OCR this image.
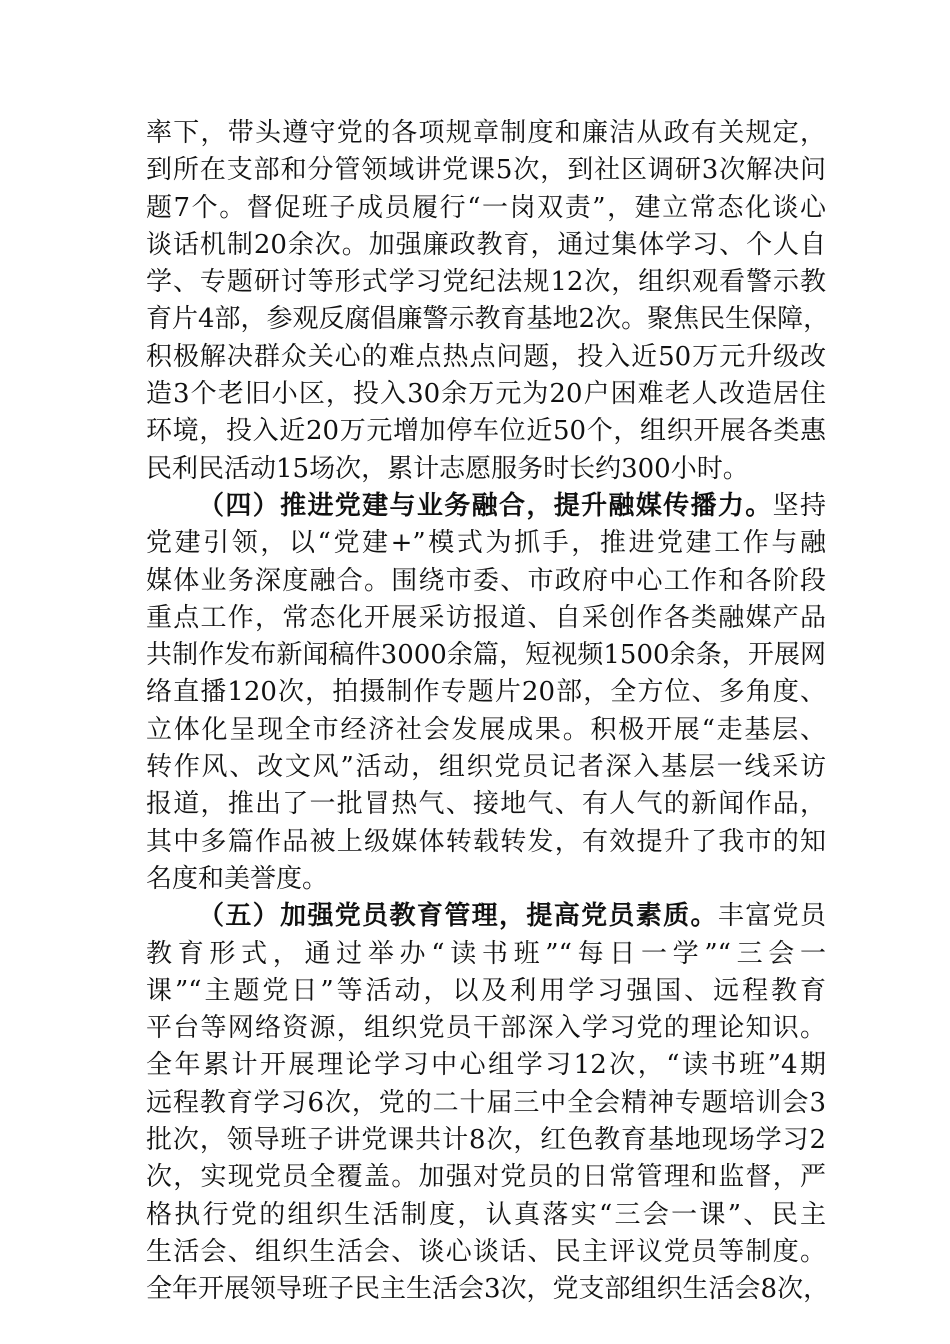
率下，带头遵守党的各项规章制度和廉洁从政有关规定，
到所在支部和分管领域讲党课5次，到社区调研3次解决问
题7个。督促班子成员履行“一岗双责”，建立常态化谈心
谈话机制20余次。加强廉政教育，通过集体学习、个人自
学、专题研讨等形式学习党纪法规12次，组织观看警示教
育片4部，参观反腐倡廉警示教育基地2次。聚焦民生保障，
积极解决群众关心的难点热点问题，投入近50万元升级改
造3个老旧小区，投入30余万元为20户困难老人改造居住
环境，投入近20万元增加停车位近50个，组织开展各类惠
民利民活动15场次，累计志愿服务时长约300小时。
（四）推进党建与业务融合，提升融媒传播力。坚持
党建引领，以“党建+”模式为抓手，推进党建工作与融
媒体业务深度融合。围绕市委、市政府中心工作和各阶段
重点工作，常态化开展采访报道、自采创作各类融媒产品
共制作发布新闻稿件3000余篇，短视频1500余条，开展网
络直播120次，拍摄制作专题片20部，全方位、多角度、
立体化呈现全市经济社会发展成果。积极开展“走基层、
转作风、改文风”活动，组织党员记者深入基层一线采访
报道，推出了一批冒热气、接地气、有人气的新闻作品，
其中多篇作品被上级媒体转载转发，有效提升了我市的知
名度和美誉度。
（五）加强党员教育管理，提高党员素质。丰富党员
教育形式，通过举办“读书班”“每日一学”“三会一
课”“主题党日”等活动，以及利用学习强国、远程教育
平台等网络资源，组织党员干部深入学习党的理论知识。
全年累计开展理论学习中心组学习12次，“读书班”4期
远程教育学习6次，党的二十届三中全会精神专题培训会3
批次，领导班子讲党课共计8次，红色教育基地现场学习2
次，实现党员全覆盖。加强对党员的日常管理和监督，严
格执行党的组织生活制度，认真落实“三会一课”、民主
生活会、组织生活会、谈心谈话、民主评议党员等制度。
全年开展领导班子民主生活会3次，党支部组织生活会8次，
